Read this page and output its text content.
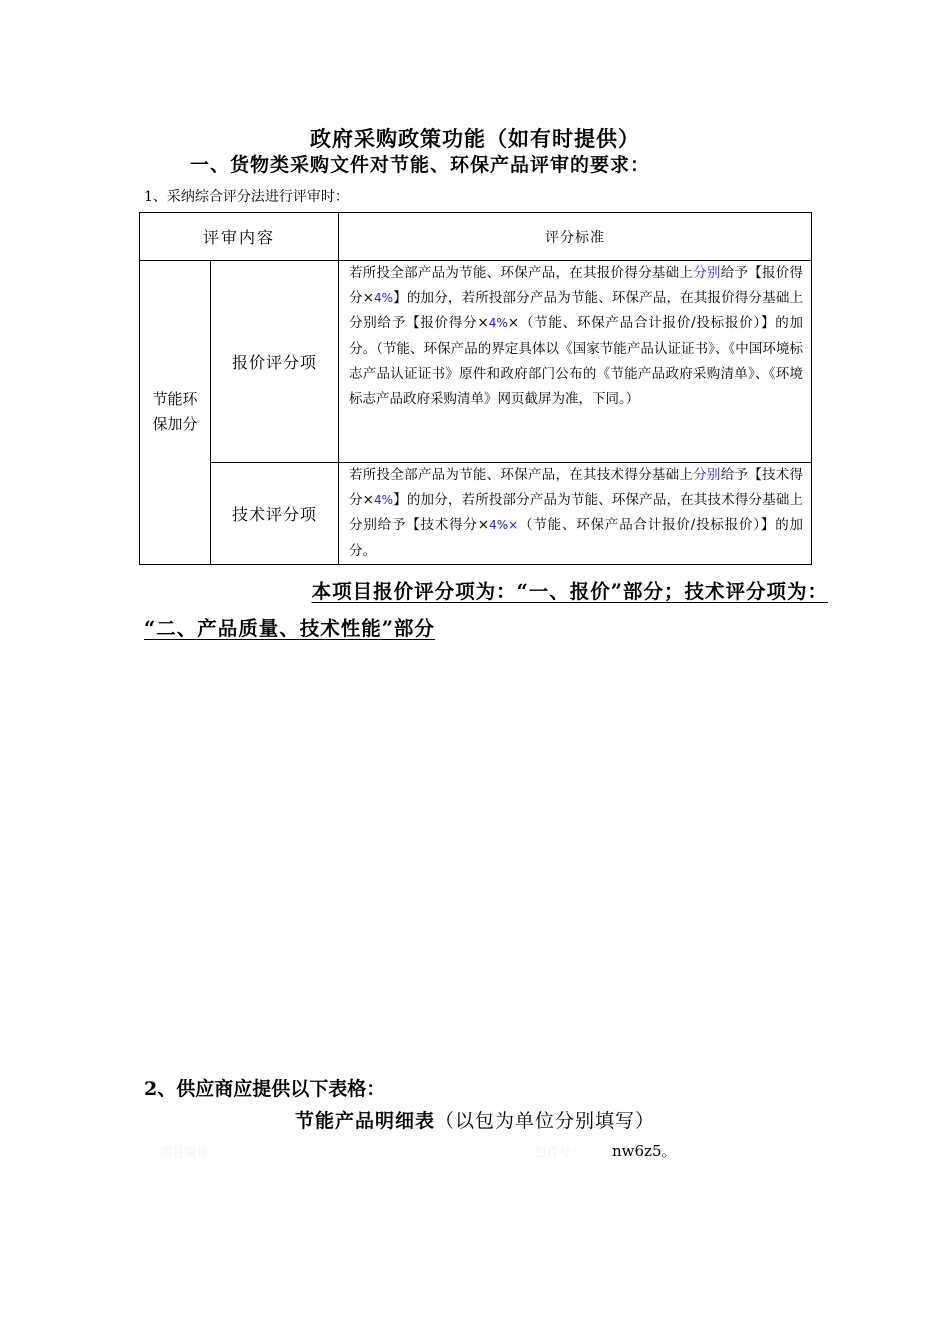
政府采购政策功能（如有时提供）
一、货物类采购文件对节能、环保产品评审的要求：
1、采纳综合评分法进行评审时：
评审内容		评分标准

节能环保加分	报价评分项	若所投全部产品为节能、环保产品，在其报价得分基础上分别给予【报价得分×4%】的加分，若所投部分产品为节能、环保产品，在其报价得分基础上分别给予【报价得分×4%×（节能、环保产品合计报价/投标报价）】的加分。（节能、环保产品的界定具体以《国家节能产品认证证书》、《中国环境标志产品认证证书》原件和政府部门公布的《节能产品政府采购清单》、《环境标志产品政府采购清单》网页截屏为准，下同。）
	技术评分项	若所投全部产品为节能、环保产品，在其技术得分基础上分别给予【技术得分×4%】的加分，若所投部分产品为节能、环保产品，在其技术得分基础上分别给予【技术得分×4%×（节能、环保产品合计报价/投标报价）】的加分。
本项目报价评分项为：“一、报价”部分；技术评分项为：
“二、产品质量、技术性能”部分
2、供应商应提供以下表格：
节能产品明细表（以包为单位分别填写）
项目编号：	包件号：	nw6z5。
